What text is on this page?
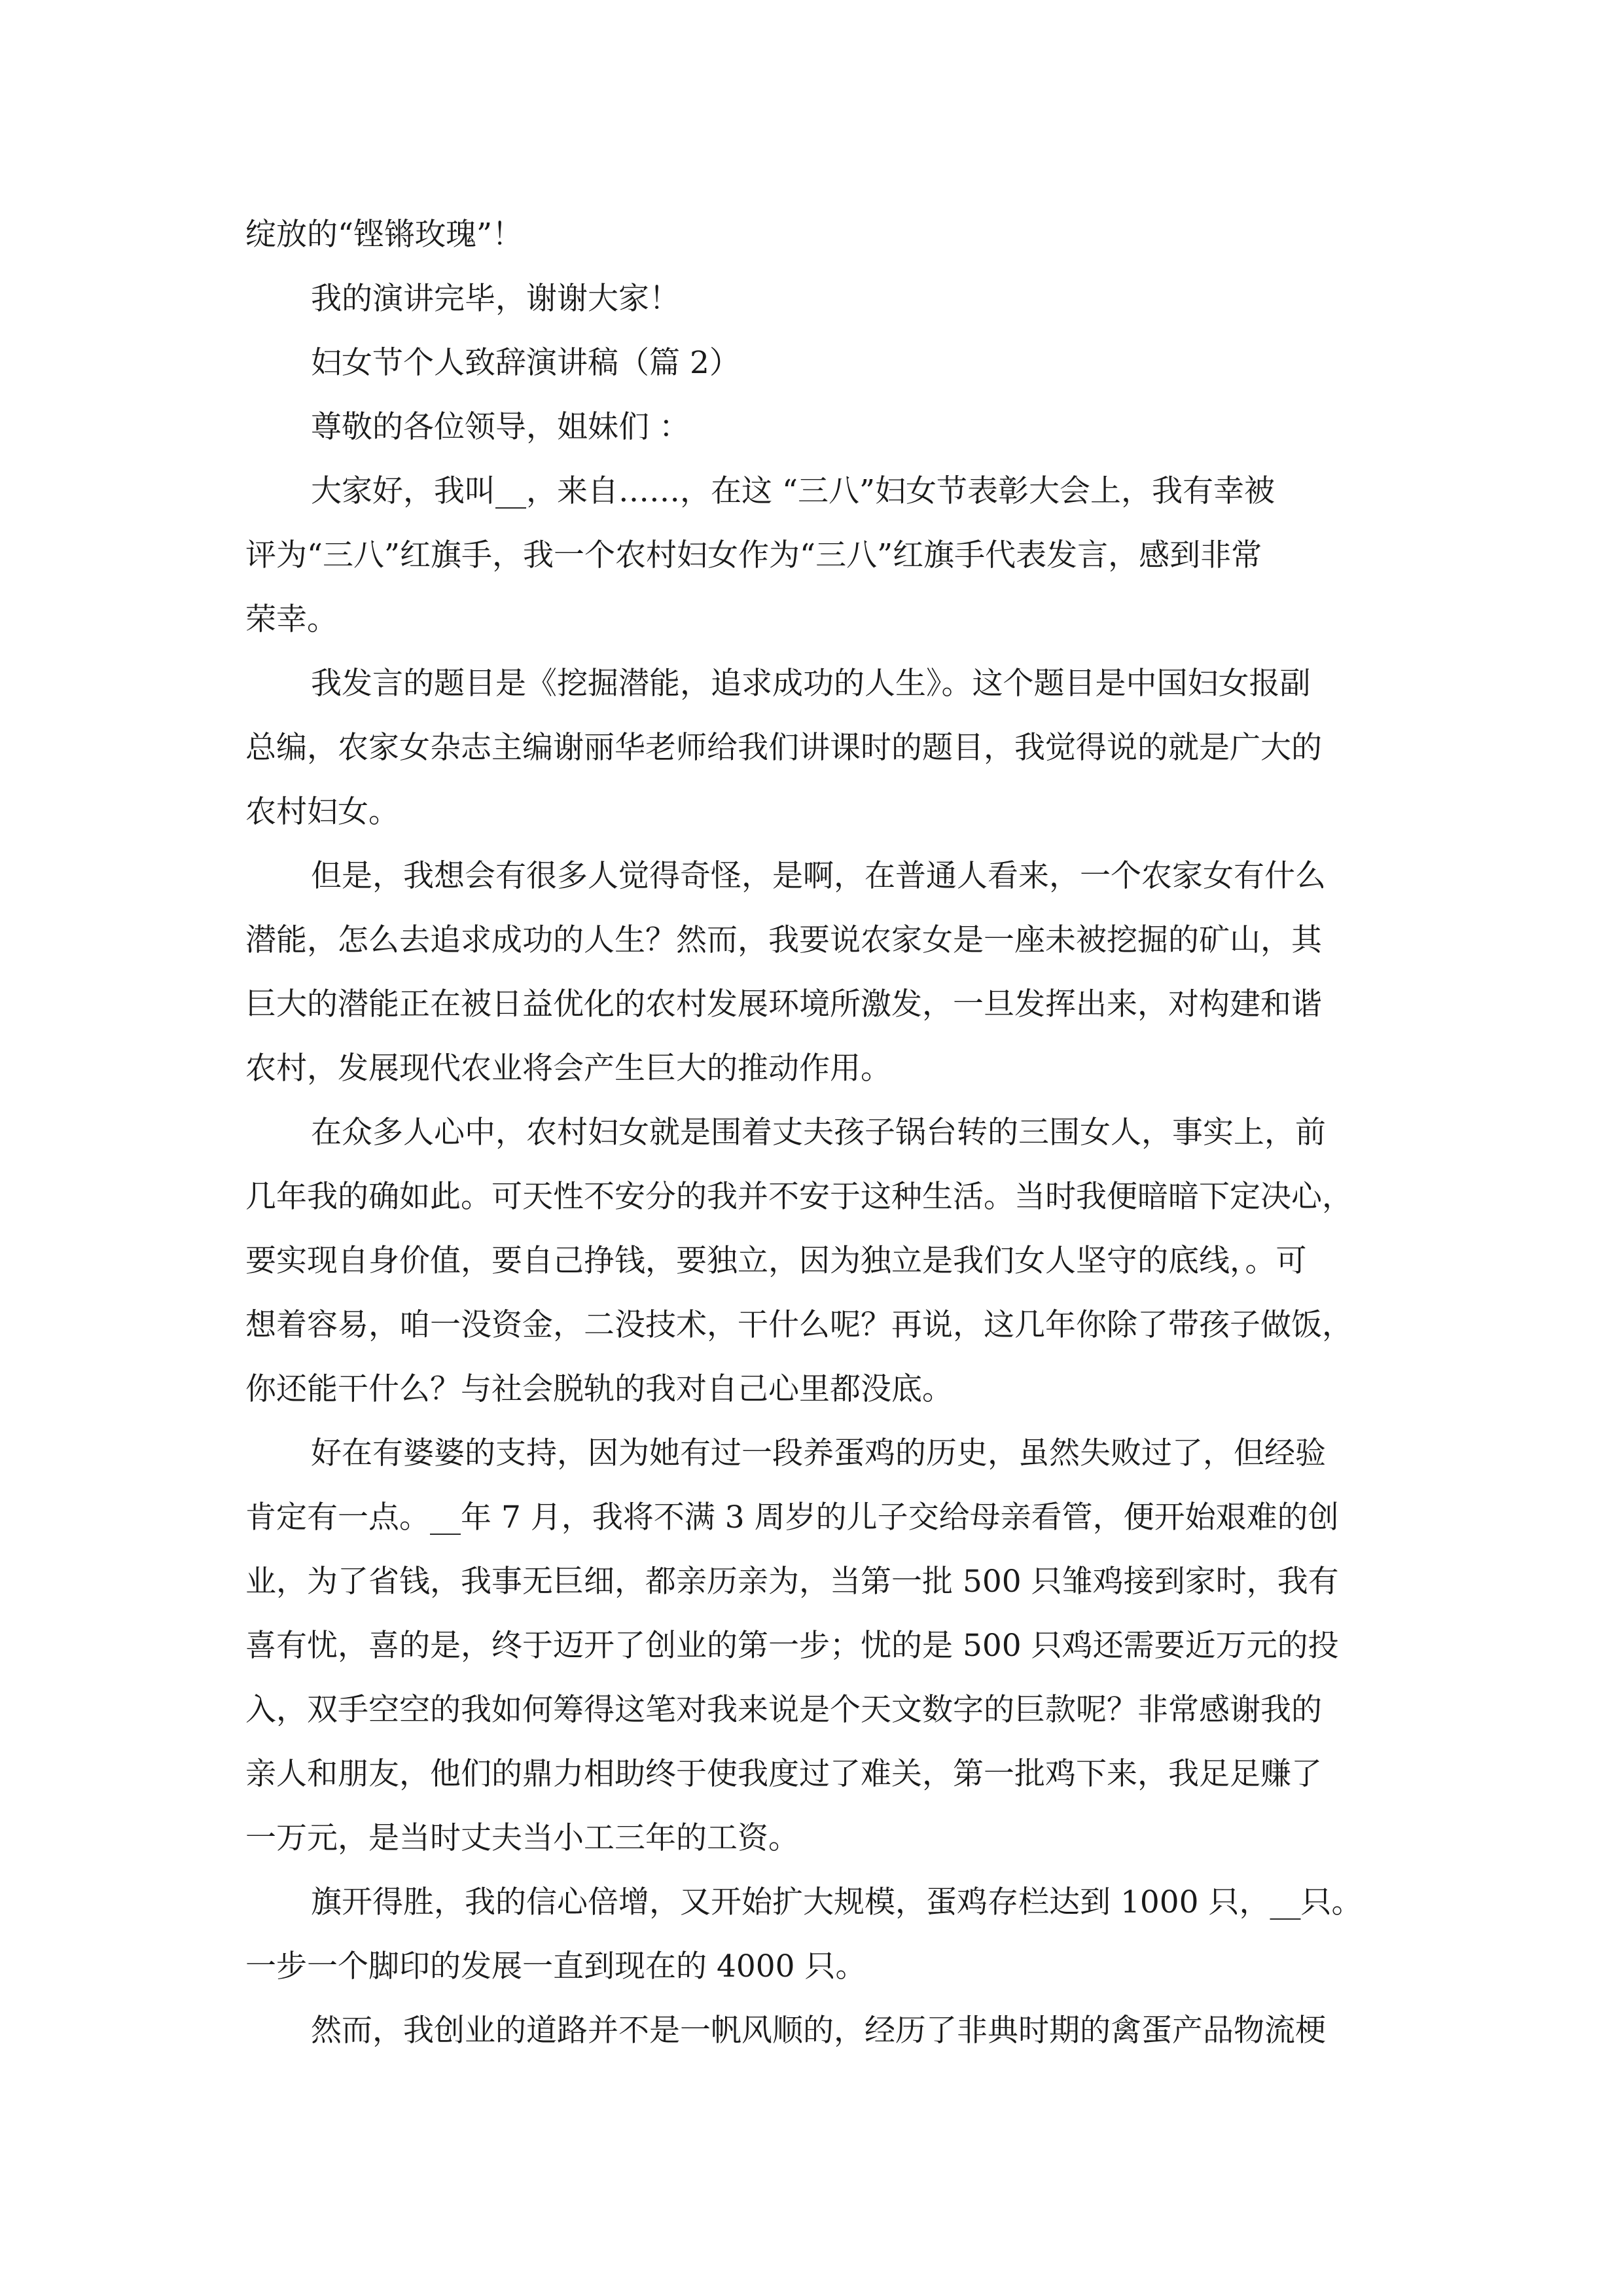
绽放的“铿锵玫瑰”！

我的演讲完毕，谢谢大家！

妇女节个人致辞演讲稿（篇 2）

尊敬的各位领导，姐妹们 ：

大家好，我叫__，来自……，在这 “三八”妇女节表彰大会上，我有幸被

评为“三八”红旗手，我一个农村妇女作为“三八”红旗手代表发言，感到非常

荣幸。

我发言的题目是《挖掘潜能，追求成功的人生》。这个题目是中国妇女报副

总编，农家女杂志主编谢丽华老师给我们讲课时的题目，我觉得说的就是广大的

农村妇女。

但是，我想会有很多人觉得奇怪，是啊，在普通人看来，一个农家女有什么

潜能，怎么去追求成功的人生？然而，我要说农家女是一座未被挖掘的矿山，其

巨大的潜能正在被日益优化的农村发展环境所激发，一旦发挥出来，对构建和谐

农村，发展现代农业将会产生巨大的推动作用。

在众多人心中，农村妇女就是围着丈夫孩子锅台转的三围女人，事实上，前

几年我的确如此。可天性不安分的我并不安于这种生活。当时我便暗暗下定决心，

要实现自身价值，要自己挣钱，要独立，因为独立是我们女人坚守的底线，。可

想着容易，咱一没资金，二没技术，干什么呢？再说，这几年你除了带孩子做饭，

你还能干什么？与社会脱轨的我对自己心里都没底。

好在有婆婆的支持，因为她有过一段养蛋鸡的历史，虽然失败过了，但经验

肯定有一点。__年 7 月，我将不满 3 周岁的儿子交给母亲看管，便开始艰难的创

业，为了省钱，我事无巨细，都亲历亲为，当第一批 500 只雏鸡接到家时，我有

喜有忧，喜的是，终于迈开了创业的第一步；忧的是 500 只鸡还需要近万元的投

入，双手空空的我如何筹得这笔对我来说是个天文数字的巨款呢？非常感谢我的

亲人和朋友，他们的鼎力相助终于使我度过了难关，第一批鸡下来，我足足赚了

一万元，是当时丈夫当小工三年的工资。

旗开得胜，我的信心倍增，又开始扩大规模，蛋鸡存栏达到 1000 只，__只。

一步一个脚印的发展一直到现在的 4000 只。

然而，我创业的道路并不是一帆风顺的，经历了非典时期的禽蛋产品物流梗
